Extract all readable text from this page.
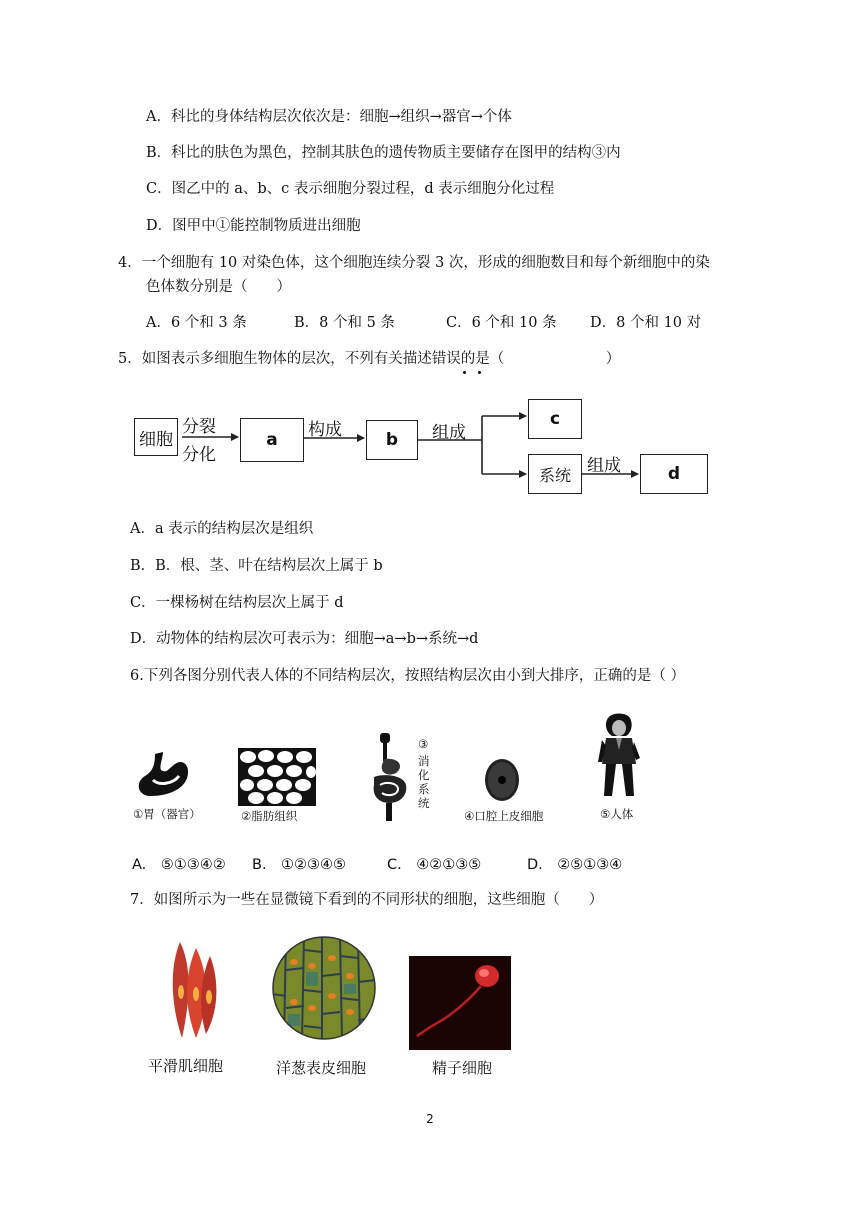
A．科比的身体结构层次依次是：细胞→组织→器官→个体
B．科比的肤色为黑色，控制其肤色的遗传物质主要储存在图甲的结构③内
C．图乙中的 a、b、c 表示细胞分裂过程，d 表示细胞分化过程
D．图甲中①能控制物质进出细胞
4．一个细胞有 10 对染色体，这个细胞连续分裂 3 次，形成的细胞数目和每个新细胞中的染
色体数分别是（　　）
A．6 个和 3 条	B．8 个和 5 条	C．6 个和 10 条 D．8 个和 10 对
5．如图表示多细胞生物体的层次，不列有关描述错误的是（　　　　　　　）
细胞
分裂
分化
a 构成	b 组成
c
系统 组成	d
A．a 表示的结构层次是组织
B．B．根、茎、叶在结构层次上属于 b
C．一棵杨树在结构层次上属于 d
D．动物体的结构层次可表示为：细胞→a→b→系统→d
6.下列各图分别代表人体的不同结构层次，按照结构层次由小到大排序，正确的是（ ）
①胃（器官）	②脂肪组织
③
消化系统
④口腔上皮细胞	⑤人体
A.　⑤①③④② B.　①②③④⑤	C.　④②①③⑤	D.　②⑤①③④
7．如图所示为一些在显微镜下看到的不同形状的细胞，这些细胞（　　）
平滑肌细胞	洋葱表皮细胞	精子细胞
2
